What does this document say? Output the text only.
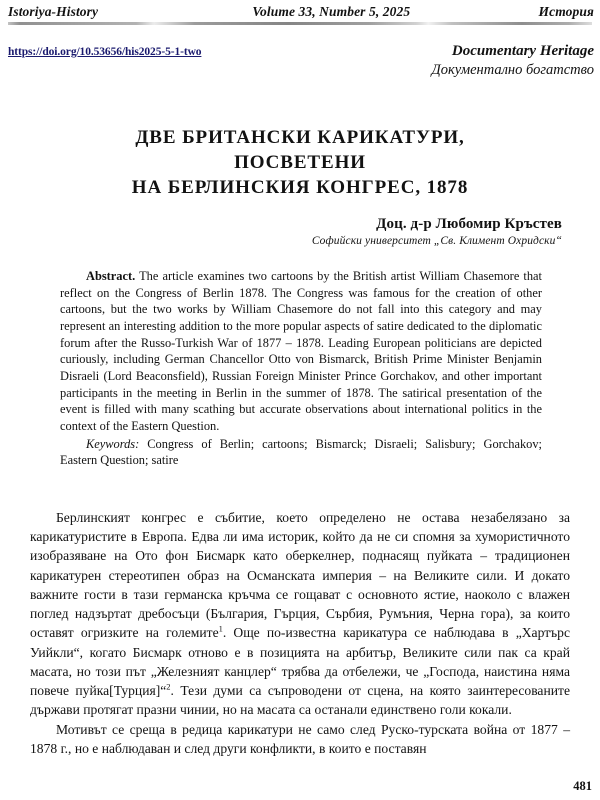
Istoriya-History	Volume 33, Number 5, 2025	История
https://doi.org/10.53656/his2025-5-1-two	Documentary Heritage
Документално богатство
ДВЕ БРИТАНСКИ КАРИКАТУРИ,
ПОСВЕТЕНИ
НА БЕРЛИНСКИЯ КОНГРЕС, 1878
Доц. д-р Любомир Кръстев
Софийски университет „Св. Климент Охридски“

Abstract. The article examines two cartoons by the British artist William Chasemore that reflect on the Congress of Berlin 1878. The Congress was famous for the creation of other cartoons, but the two works by William Chasemore do not fall into this category and may represent an interesting addition to the more popular aspects of satire dedicated to the diplomatic forum after the Russo-Turkish War of 1877 – 1878. Leading European politicians are depicted curiously, including German Chancellor Otto von Bismarck, British Prime Minister Benjamin Disraeli (Lord Beaconsfield), Russian Foreign Minister Prince Gorchakov, and other important participants in the meeting in Berlin in the summer of 1878. The satirical presentation of the event is filled with many scathing but accurate observations about international politics in the context of the Eastern Question.

Keywords: Congress of Berlin; cartoons; Bismarck; Disraeli; Salisbury; Gorchakov; Eastern Question; satire

Берлинският конгрес е събитие, което определено не остава незабелязано за карикатуристите в Европа. Едва ли има историк, който да не си спомня за хумористичното изобразяване на Ото фон Бисмарк като оберкелнер, поднасящ пуйката – традиционен карикатурен стереотипен образ на Османската империя – на Великите сили. И докато важните гости в тази германска кръчма се гощават с основното ястие, наоколо с влажен поглед надзъртат дребосъци (България, Гърция, Сърбия, Румъния, Черна гора), за които оставят огризките на големите$^1$. Още по-известна карикатура се наблюдава в „Хартърс Уийкли“, когато Бисмарк отново е в позицията на арбитър, Великите сили пак са край масата, но този път „Железният канцлер“ трябва да отбележи, че „Господа, наистина няма повече пуйка[Турция]“$^2$. Тези думи са съпроводени от сцена, на която заинтересованите държави протягат празни чинии, но на масата са останали единствено голи кокали.

Мотивът се среща в редица карикатури не само след Руско-турската война от 1877 – 1878 г., но е наблюдаван и след други конфликти, в които е поставян

481
